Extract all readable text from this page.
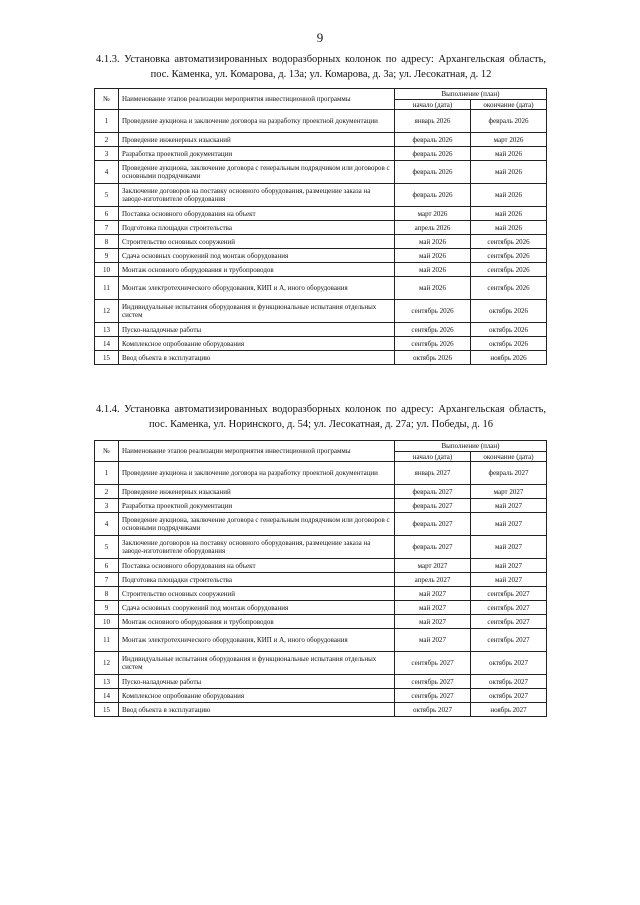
9
4.1.3. Установка автоматизированных водоразборных колонок по адресу: Архангельская область,
пос. Каменка, ул. Комарова, д. 13а; ул. Комарова, д. 3а; ул. Лесокатная, д. 12
№	Наименование этапов реализации мероприятия инвестиционной программы	Выполнение (план)	
		начало (дата)	окончание (дата)
1	Проведение аукциона и заключение договора на разработку проектной документации	январь 2026	февраль 2026
2	Проведение инженерных изысканий	февраль 2026	март 2026
3	Разработка проектной документации	февраль 2026	май 2026
4	Проведение аукциона, заключение договора с генеральным подрядчиком или договоров с основными подрядчиками	февраль 2026	май 2026
5	Заключение договоров на поставку основного оборудования, размещение заказа на заводе-изготовителе оборудования	февраль 2026	май 2026
6	Поставка основного оборудования на объект	март 2026	май 2026
7	Подготовка площадки строительства	апрель 2026	май 2026
8	Строительство основных сооружений	май 2026	сентябрь 2026
9	Сдача основных сооружений под монтаж оборудования	май 2026	сентябрь 2026
10	Монтаж основного оборудования и трубопроводов	май 2026	сентябрь 2026
11	Монтаж электротехнического оборудования, КИП и А, иного оборудования	май 2026	сентябрь 2026
12	Индивидуальные испытания оборудования и функциональные испытания отдельных систем	сентябрь 2026	октябрь 2026
13	Пуско-наладочные работы	сентябрь 2026	октябрь 2026
14	Комплексное опробование оборудования	сентябрь 2026	октябрь 2026
15	Ввод объекта в эксплуатацию	октябрь 2026	ноябрь 2026
4.1.4. Установка автоматизированных водоразборных колонок по адресу: Архангельская область,
пос. Каменка, ул. Норинского, д. 54; ул. Лесокатная, д. 27а; ул. Победы, д. 16
№	Наименование этапов реализации мероприятия инвестиционной программы	Выполнение (план)	
		начало (дата)	окончание (дата)
1	Проведение аукциона и заключение договора на разработку проектной документации	январь 2027	февраль 2027
2	Проведение инженерных изысканий	февраль 2027	март 2027
3	Разработка проектной документации	февраль 2027	май 2027
4	Проведение аукциона, заключение договора с генеральным подрядчиком или договоров с основными подрядчиками	февраль 2027	май 2027
5	Заключение договоров на поставку основного оборудования, размещение заказа на заводе-изготовителе оборудования	февраль 2027	май 2027
6	Поставка основного оборудования на объект	март 2027	май 2027
7	Подготовка площадки строительства	апрель 2027	май 2027
8	Строительство основных сооружений	май 2027	сентябрь 2027
9	Сдача основных сооружений под монтаж оборудования	май 2027	сентябрь 2027
10	Монтаж основного оборудования и трубопроводов	май 2027	сентябрь 2027
11	Монтаж электротехнического оборудования, КИП и А, иного оборудования	май 2027	сентябрь 2027
12	Индивидуальные испытания оборудования и функциональные испытания отдельных систем	сентябрь 2027	октябрь 2027
13	Пуско-наладочные работы	сентябрь 2027	октябрь 2027
14	Комплексное опробование оборудования	сентябрь 2027	октябрь 2027
15	Ввод объекта в эксплуатацию	октябрь 2027	ноябрь 2027
